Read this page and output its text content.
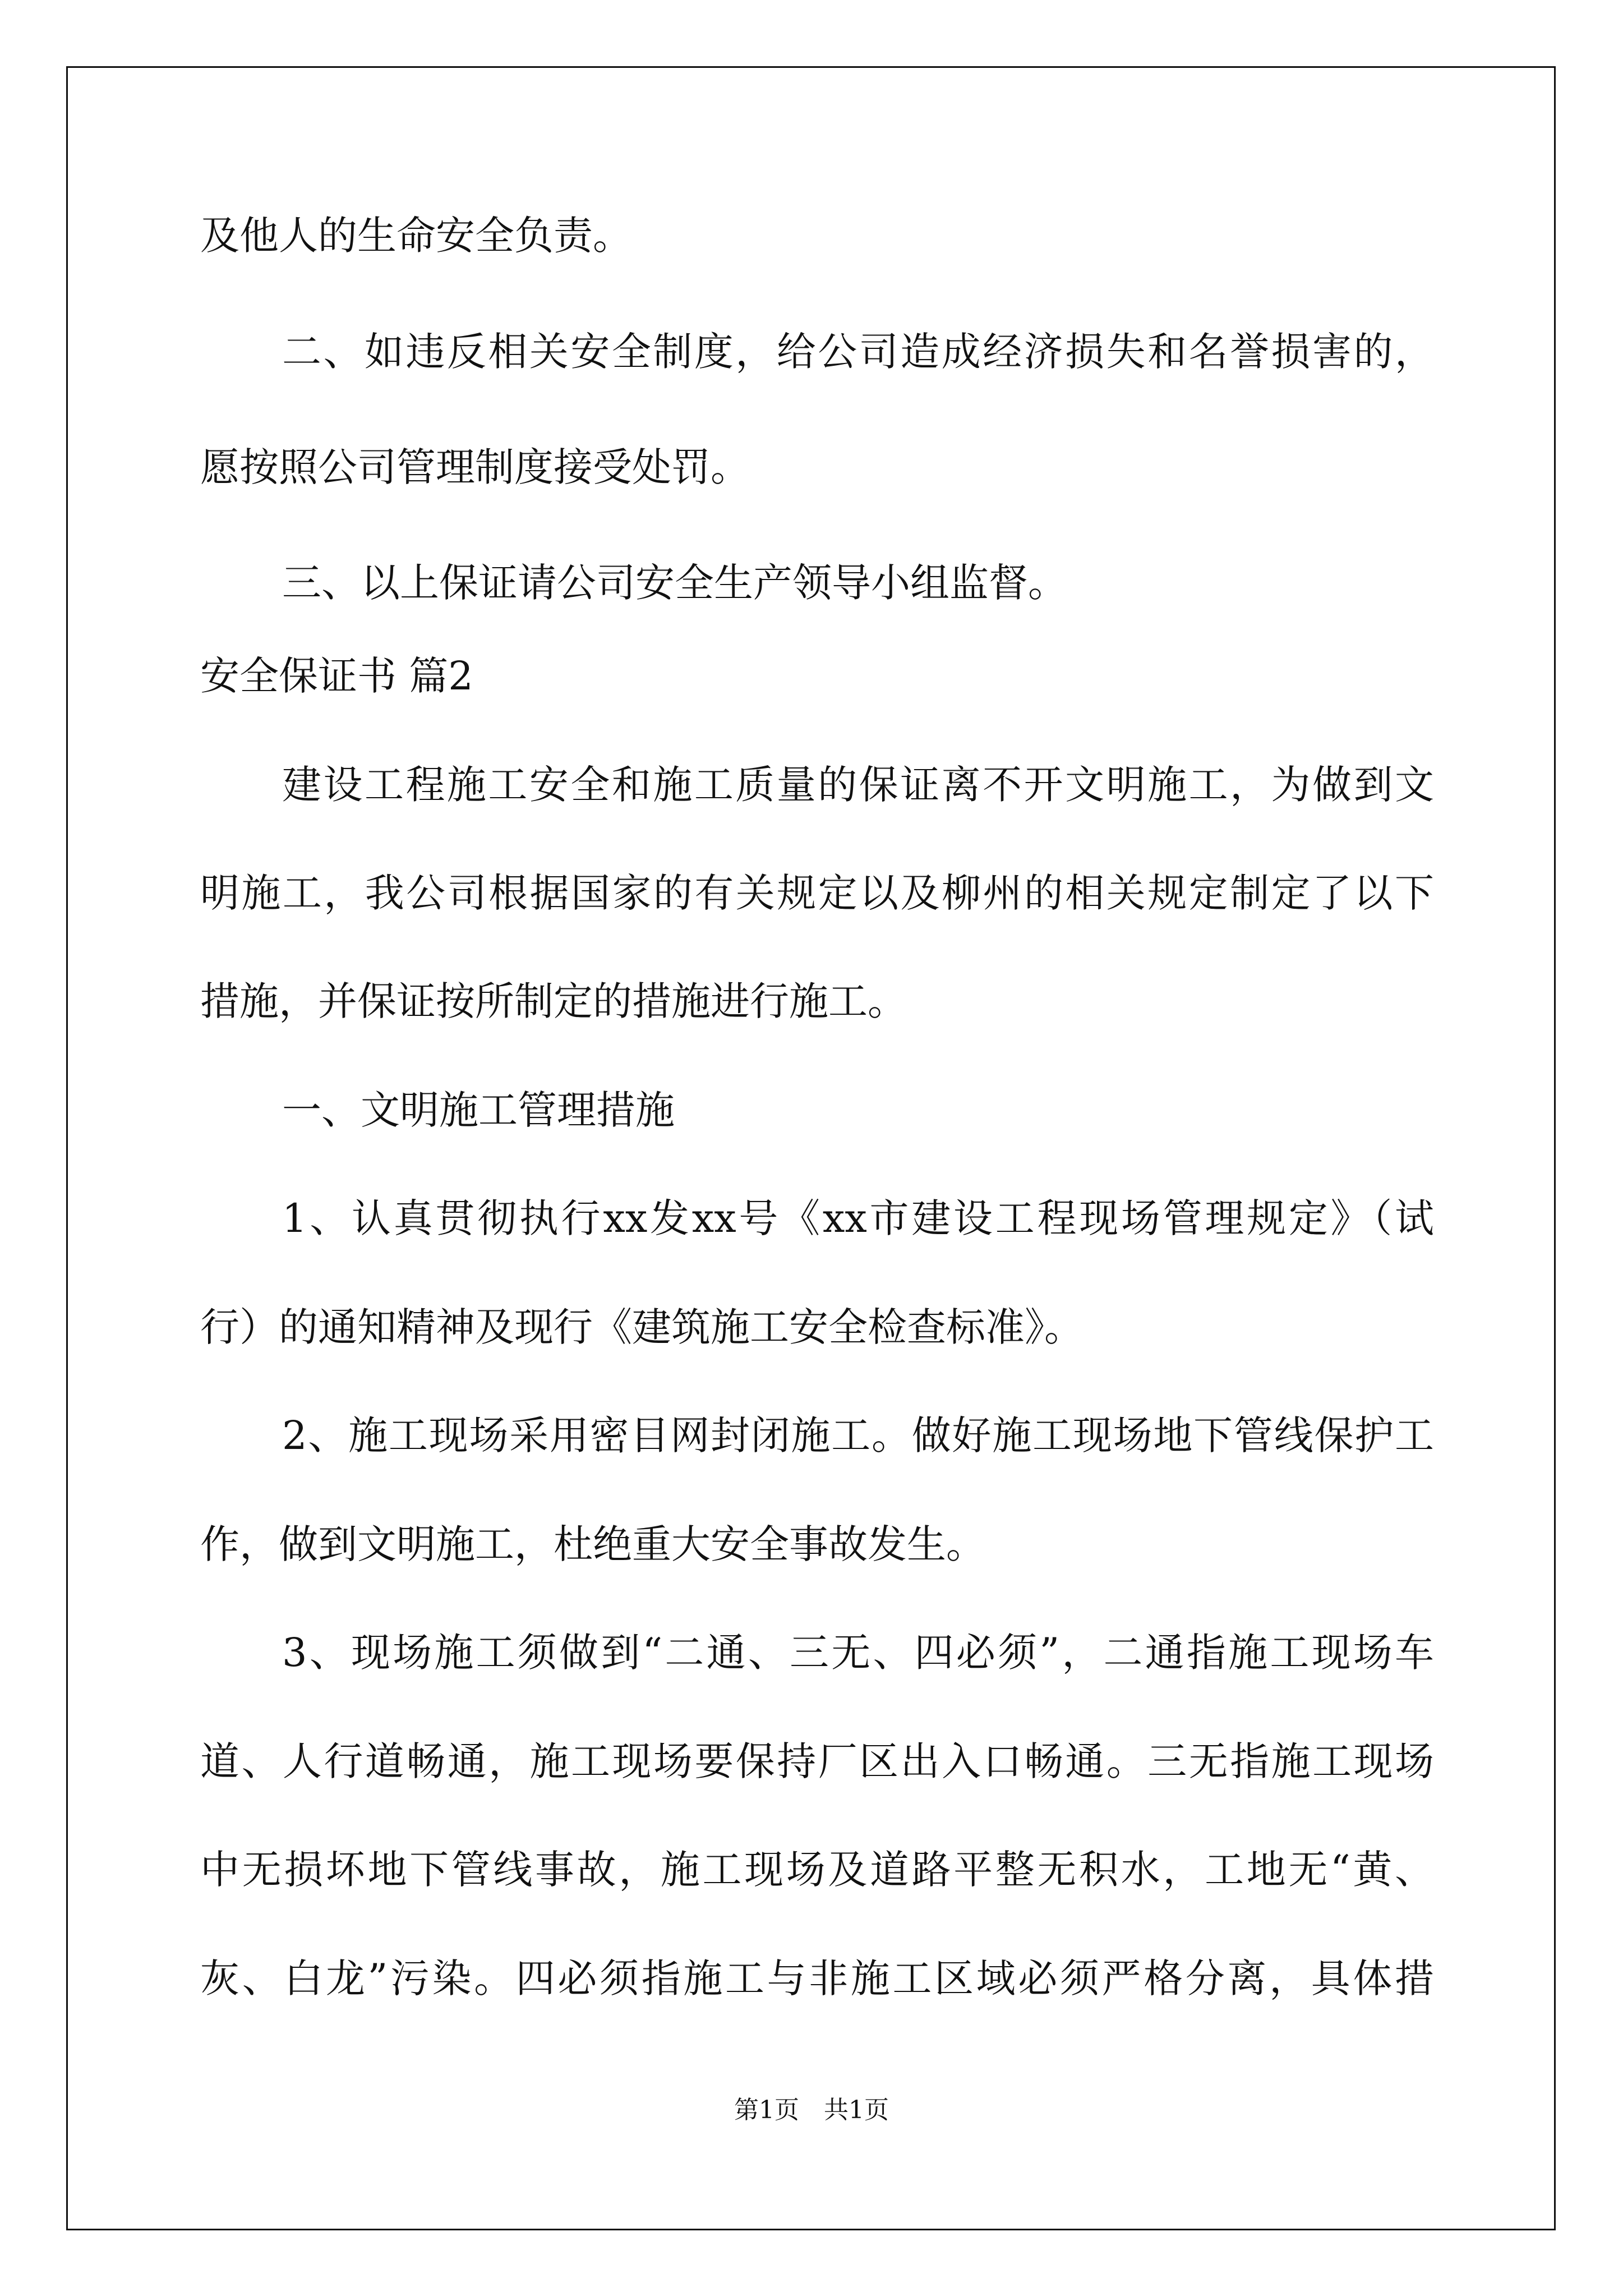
及他人的生命安全负责。
二、如违反相关安全制度，给公司造成经济损失和名誉损害的，
愿按照公司管理制度接受处罚。
三、以上保证请公司安全生产领导小组监督。
安全保证书 篇2
建设工程施工安全和施工质量的保证离不开文明施工，为做到文
明施工，我公司根据国家的有关规定以及柳州的相关规定制定了以下
措施，并保证按所制定的措施进行施工。
一、文明施工管理措施
1、认真贯彻执行xx发xx号《xx市建设工程现场管理规定》（试
行）的通知精神及现行《建筑施工安全检查标准》。
2、施工现场采用密目网封闭施工。做好施工现场地下管线保护工
作，做到文明施工，杜绝重大安全事故发生。
3、现场施工须做到“二通、三无、四必须”，二通指施工现场车
道、人行道畅通，施工现场要保持厂区出入口畅通。三无指施工现场
中无损坏地下管线事故，施工现场及道路平整无积水，工地无“黄、
灰、白龙”污染。四必须指施工与非施工区域必须严格分离，具体措
第1页　共1页
